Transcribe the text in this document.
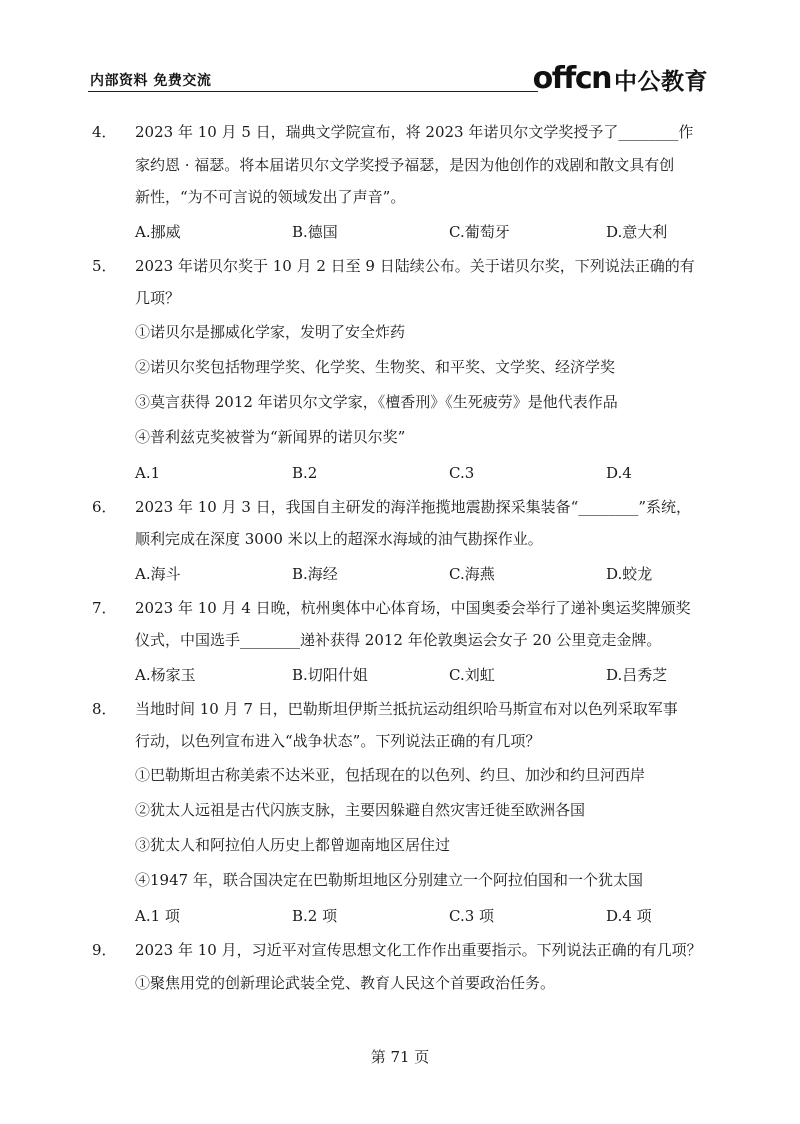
内部资料 免费交流	offcn 中公教育
4． 2023 年 10 月 5 日，瑞典文学院宣布，将 2023 年诺贝尔文学奖授予了________作
家约恩 · 福瑟。将本届诺贝尔文学奖授予福瑟，是因为他创作的戏剧和散文具有创
新性，“为不可言说的领域发出了声音”。
A.挪威	B.德国	C.葡萄牙	D.意大利
5． 2023 年诺贝尔奖于 10 月 2 日至 9 日陆续公布。关于诺贝尔奖，下列说法正确的有
几项？
①诺贝尔是挪威化学家，发明了安全炸药
②诺贝尔奖包括物理学奖、化学奖、生物奖、和平奖、文学奖、经济学奖
③莫言获得 2012 年诺贝尔文学家，《檀香刑》《生死疲劳》是他代表作品
④普利兹克奖被誉为“新闻界的诺贝尔奖”
A.1	B.2	C.3	D.4
6． 2023 年 10 月 3 日，我国自主研发的海洋拖揽地震勘探采集装备“________”系统，
顺利完成在深度 3000 米以上的超深水海域的油气勘探作业。
A.海斗	B.海经	C.海燕	D.蛟龙
7． 2023 年 10 月 4 日晚，杭州奥体中心体育场，中国奥委会举行了递补奥运奖牌颁奖
仪式，中国选手________递补获得 2012 年伦敦奥运会女子 20 公里竞走金牌。
A.杨家玉	B.切阳什姐	C.刘虹	D.吕秀芝
8． 当地时间 10 月 7 日，巴勒斯坦伊斯兰抵抗运动组织哈马斯宣布对以色列采取军事
行动，以色列宣布进入“战争状态”。下列说法正确的有几项？
①巴勒斯坦古称美索不达米亚，包括现在的以色列、约旦、加沙和约旦河西岸
②犹太人远祖是古代闪族支脉，主要因躲避自然灾害迁徙至欧洲各国
③犹太人和阿拉伯人历史上都曾迦南地区居住过
④1947 年，联合国决定在巴勒斯坦地区分别建立一个阿拉伯国和一个犹太国
A.1 项	B.2 项	C.3 项	D.4 项
9． 2023 年 10 月，习近平对宣传思想文化工作作出重要指示。下列说法正确的有几项？
①聚焦用党的创新理论武装全党、教育人民这个首要政治任务。
第 71 页
